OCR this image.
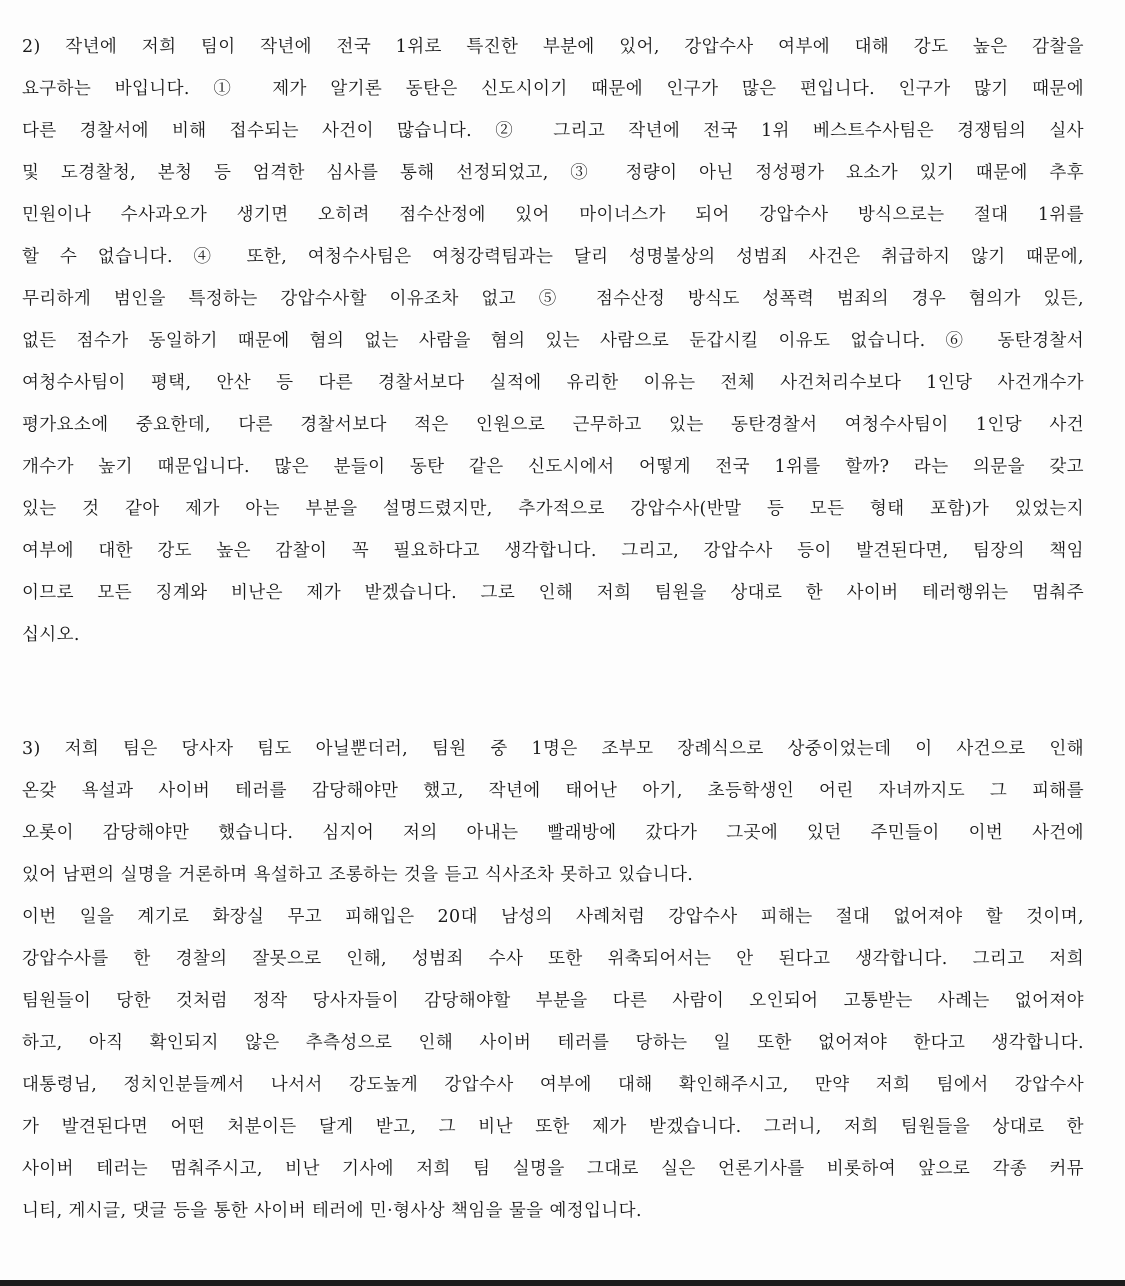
2) 작년에 저희 팀이 작년에 전국 1위로 특진한 부분에 있어, 강압수사 여부에 대해 강도 높은 감찰을
요구하는 바입니다. ① 제가 알기론 동탄은 신도시이기 때문에 인구가 많은 편입니다. 인구가 많기 때문에
다른 경찰서에 비해 접수되는 사건이 많습니다. ② 그리고 작년에 전국 1위 베스트수사팀은 경쟁팀의 실사
및 도경찰청, 본청 등 엄격한 심사를 통해 선정되었고, ③ 정량이 아닌 정성평가 요소가 있기 때문에 추후
민원이나 수사과오가 생기면 오히려 점수산정에 있어 마이너스가 되어 강압수사 방식으로는 절대 1위를
할 수 없습니다. ④ 또한, 여청수사팀은 여청강력팀과는 달리 성명불상의 성범죄 사건은 취급하지 않기 때문에,
무리하게 범인을 특정하는 강압수사할 이유조차 없고 ⑤ 점수산정 방식도 성폭력 범죄의 경우 혐의가 있든,
없든 점수가 동일하기 때문에 혐의 없는 사람을 혐의 있는 사람으로 둔갑시킬 이유도 없습니다. ⑥ 동탄경찰서
여청수사팀이 평택, 안산 등 다른 경찰서보다 실적에 유리한 이유는 전체 사건처리수보다 1인당 사건개수가
평가요소에 중요한데, 다른 경찰서보다 적은 인원으로 근무하고 있는 동탄경찰서 여청수사팀이 1인당 사건
개수가 높기 때문입니다. 많은 분들이 동탄 같은 신도시에서 어떻게 전국 1위를 할까? 라는 의문을 갖고
있는 것 같아 제가 아는 부분을 설명드렸지만, 추가적으로 강압수사(반말 등 모든 형태 포함)가 있었는지
여부에 대한 강도 높은 감찰이 꼭 필요하다고 생각합니다. 그리고, 강압수사 등이 발견된다면, 팀장의 책임
이므로 모든 징계와 비난은 제가 받겠습니다. 그로 인해 저희 팀원을 상대로 한 사이버 테러행위는 멈춰주
십시오.
3) 저희 팀은 당사자 팀도 아닐뿐더러, 팀원 중 1명은 조부모 장례식으로 상중이었는데 이 사건으로 인해
온갖 욕설과 사이버 테러를 감당해야만 했고, 작년에 태어난 아기, 초등학생인 어린 자녀까지도 그 피해를
오롯이 감당해야만 했습니다. 심지어 저의 아내는 빨래방에 갔다가 그곳에 있던 주민들이 이번 사건에
있어 남편의 실명을 거론하며 욕설하고 조롱하는 것을 듣고 식사조차 못하고 있습니다.
이번 일을 계기로 화장실 무고 피해입은 20대 남성의 사례처럼 강압수사 피해는 절대 없어져야 할 것이며,
강압수사를 한 경찰의 잘못으로 인해, 성범죄 수사 또한 위축되어서는 안 된다고 생각합니다. 그리고 저희
팀원들이 당한 것처럼 정작 당사자들이 감당해야할 부분을 다른 사람이 오인되어 고통받는 사례는 없어져야
하고, 아직 확인되지 않은 추측성으로 인해 사이버 테러를 당하는 일 또한 없어져야 한다고 생각합니다.
대통령님, 정치인분들께서 나서서 강도높게 강압수사 여부에 대해 확인해주시고, 만약 저희 팀에서 강압수사
가 발견된다면 어떤 처분이든 달게 받고, 그 비난 또한 제가 받겠습니다. 그러니, 저희 팀원들을 상대로 한
사이버 테러는 멈춰주시고, 비난 기사에 저희 팀 실명을 그대로 실은 언론기사를 비롯하여 앞으로 각종 커뮤
니티, 게시글, 댓글 등을 통한 사이버 테러에 민·형사상 책임을 물을 예정입니다.
